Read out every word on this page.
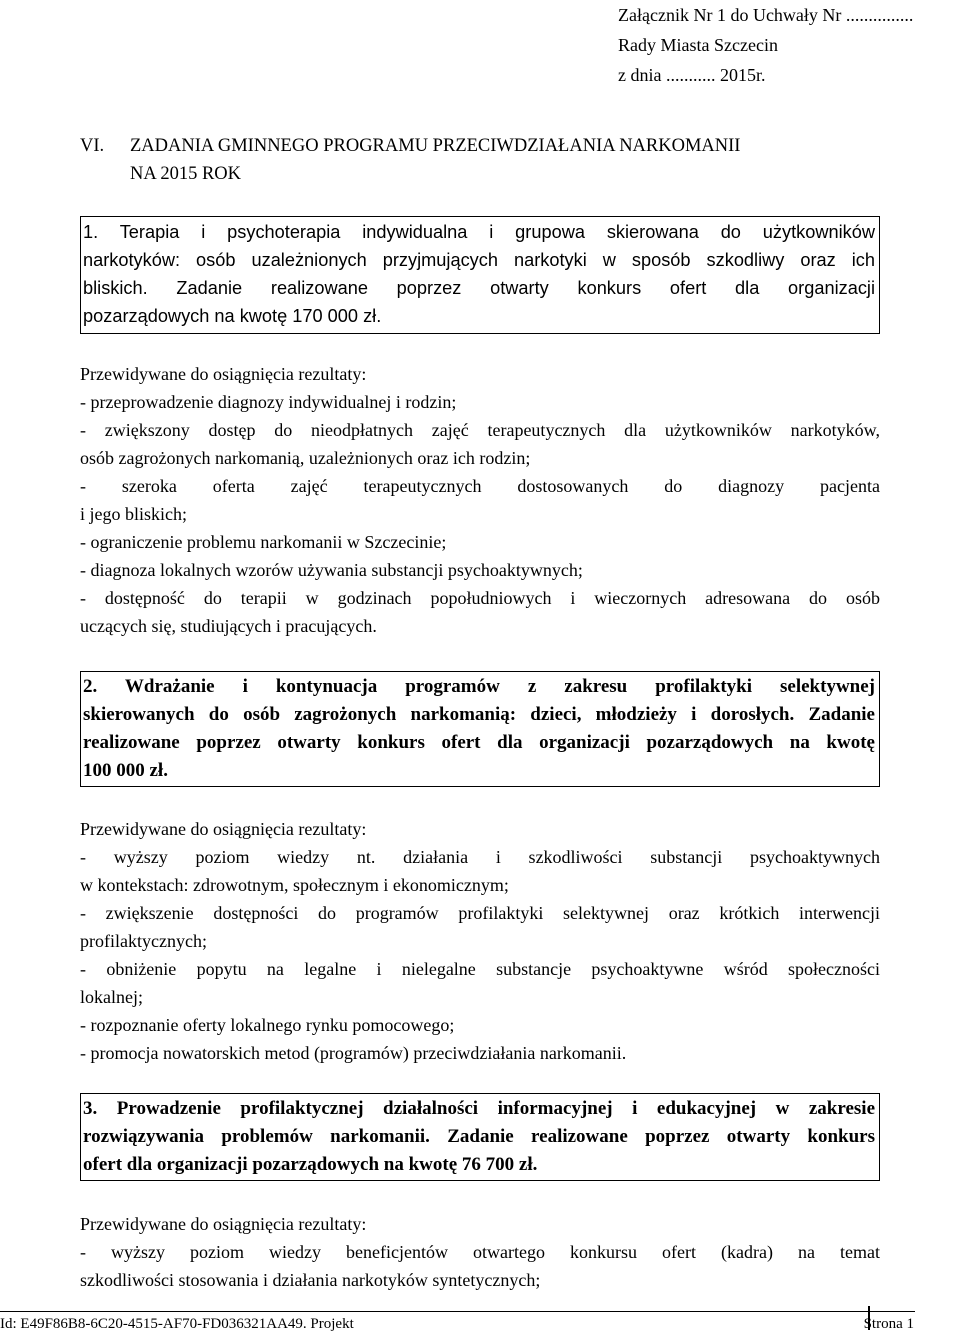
Załącznik Nr 1 do Uchwały Nr ...............
Rady Miasta Szczecin
z dnia ........... 2015r.
VI. ZADANIA GMINNEGO PROGRAMU PRZECIWDZIAŁANIA NARKOMANII
NA 2015 ROK
1. Terapia i psychoterapia indywidualna i grupowa skierowana do użytkowników
narkotyków: osób uzależnionych przyjmujących narkotyki w sposób szkodliwy oraz ich
bliskich. Zadanie realizowane poprzez otwarty konkurs ofert dla organizacji
pozarządowych na kwotę 170 000 zł.
Przewidywane do osiągnięcia rezultaty:
- przeprowadzenie diagnozy indywidualnej i rodzin;
- zwiększony dostęp do nieodpłatnych zajęć terapeutycznych dla użytkowników narkotyków,
osób zagrożonych narkomanią, uzależnionych oraz ich rodzin;
- szeroka oferta zajęć terapeutycznych dostosowanych do diagnozy pacjenta
i jego bliskich;
- ograniczenie problemu narkomanii w Szczecinie;
- diagnoza lokalnych wzorów używania substancji psychoaktywnych;
- dostępność do terapii w godzinach popołudniowych i wieczornych adresowana do osób
uczących się, studiujących i pracujących.
2. Wdrażanie i kontynuacja programów z zakresu profilaktyki selektywnej
skierowanych do osób zagrożonych narkomanią: dzieci, młodzieży i dorosłych. Zadanie
realizowane poprzez otwarty konkurs ofert dla organizacji pozarządowych na kwotę
100 000 zł.
Przewidywane do osiągnięcia rezultaty:
- wyższy poziom wiedzy nt. działania i szkodliwości substancji psychoaktywnych
w kontekstach: zdrowotnym, społecznym i ekonomicznym;
- zwiększenie dostępności do programów profilaktyki selektywnej oraz krótkich interwencji
profilaktycznych;
- obniżenie popytu na legalne i nielegalne substancje psychoaktywne wśród społeczności
lokalnej;
- rozpoznanie oferty lokalnego rynku pomocowego;
- promocja nowatorskich metod (programów) przeciwdziałania narkomanii.
3. Prowadzenie profilaktycznej działalności informacyjnej i edukacyjnej w zakresie
rozwiązywania problemów narkomanii. Zadanie realizowane poprzez otwarty konkurs
ofert dla organizacji pozarządowych na kwotę 76 700 zł.
Przewidywane do osiągnięcia rezultaty:
- wyższy poziom wiedzy beneficjentów otwartego konkursu ofert (kadra) na temat
szkodliwości stosowania i działania narkotyków syntetycznych;
Id: E49F86B8-6C20-4515-AF70-FD036321AA49. Projekt	Strona 1
